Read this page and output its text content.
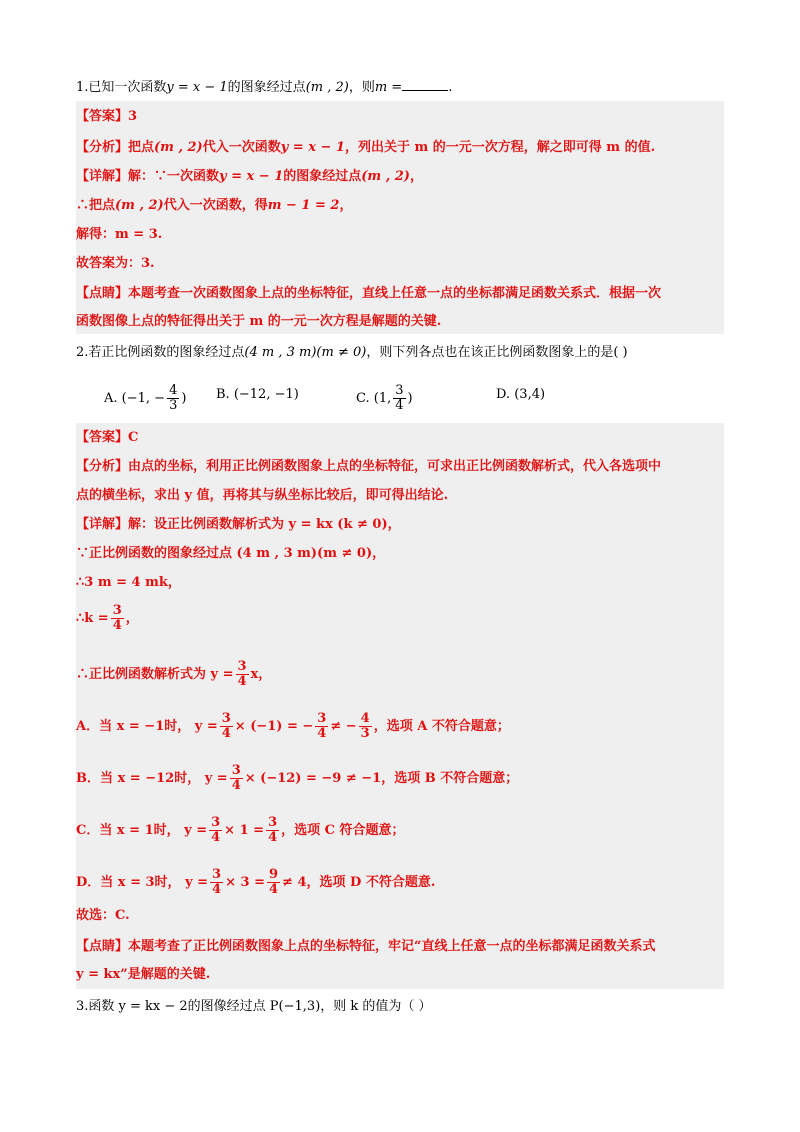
1.已知一次函数y = x − 1的图象经过点(m , 2)，则m =	.
【答案】3
【分析】把点(m , 2)代入一次函数y = x − 1，列出关于 m 的一元一次方程，解之即可得 m 的值.
【详解】解：∵一次函数y = x − 1的图象经过点(m , 2)，
∴把点(m , 2)代入一次函数，得m − 1 = 2，
解得：m = 3.
故答案为：3.
【点睛】本题考查一次函数图象上点的坐标特征，直线上任意一点的坐标都满足函数关系式．根据一次
函数图像上点的特征得出关于 m 的一元一次方程是解题的关键.
2.若正比例函数的图象经过点(4 m , 3 m)(m ≠ 0)，则下列各点也在该正比例函数图象上的是( )
A. (−1, − $\frac{4}{3}$ ) B. (−12, −1)	C. (1, $\frac{3}{4}$ )	D. (3,4)
【答案】C
【分析】由点的坐标，利用正比例函数图象上点的坐标特征，可求出正比例函数解析式，代入各选项中
点的横坐标，求出 y 值，再将其与纵坐标比较后，即可得出结论.
【详解】解：设正比例函数解析式为 y = kx (k ≠ 0)，
∵正比例函数的图象经过点 (4 m , 3 m)(m ≠ 0)，
∴3 m = 4 mk，
∴k = $\frac{3}{4}$ ，
∴正比例函数解析式为 $y = \frac{3}{4}$ x，
A．当 x = −1时， $y = \frac{3}{4} \times (-1)$ = − $\frac{3}{4}$ ≠ − $\frac{4}{3}$ ，选项 A 不符合题意；
B．当 x = −12时， $y = \frac{3}{4} \times (-12) = -9 \ne -1$，选项 B 不符合题意；
C．当 x = 1时， $y = \frac{3}{4} \times 1 = \frac{3}{4}$ ，选项 C 符合题意；
D．当 x = 3时， $y = \frac{3}{4} \times 3 = \frac{9}{4} \ne 4$，选项 D 不符合题意.
故选：C.
【点睛】本题考查了正比例函数图象上点的坐标特征，牢记“直线上任意一点的坐标都满足函数关系式
y = kx”是解题的关键.
3.函数 y = kx − 2的图像经过点 P(−1,3)，则 k 的值为（ ）
